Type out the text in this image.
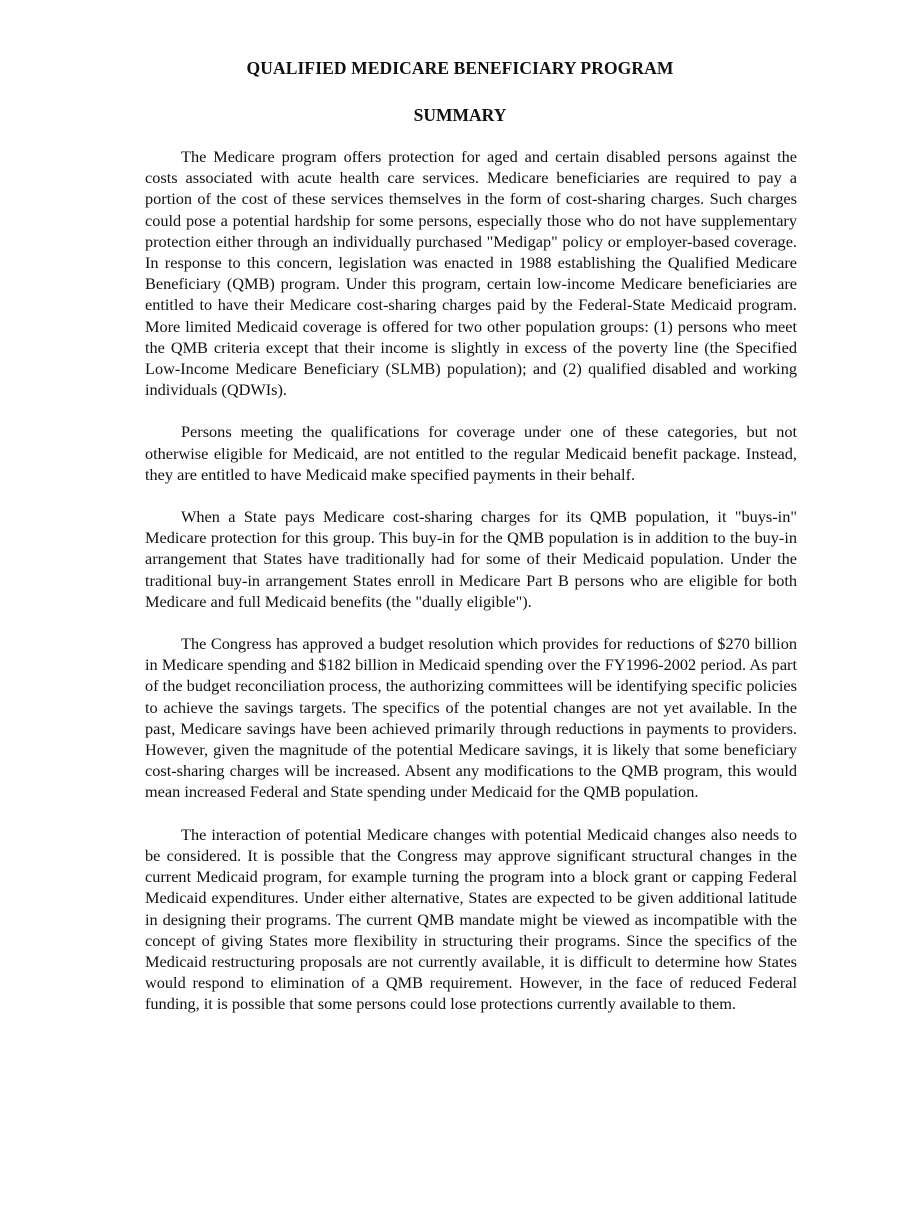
QUALIFIED MEDICARE BENEFICIARY PROGRAM
SUMMARY

The Medicare program offers protection for aged and certain disabled persons against the costs associated with acute health care services. Medicare beneficiaries are required to pay a portion of the cost of these services themselves in the form of cost-sharing charges. Such charges could pose a potential hardship for some persons, especially those who do not have supplementary protection either through an individually purchased "Medigap" policy or employer-based coverage. In response to this concern, legislation was enacted in 1988 establishing the Qualified Medicare Beneficiary (QMB) program. Under this program, certain low-income Medicare beneficiaries are entitled to have their Medicare cost-sharing charges paid by the Federal-State Medicaid program. More limited Medicaid coverage is offered for two other population groups: (1) persons who meet the QMB criteria except that their income is slightly in excess of the poverty line (the Specified Low-Income Medicare Beneficiary (SLMB) population); and (2) qualified disabled and working individuals (QDWIs).

Persons meeting the qualifications for coverage under one of these categories, but not otherwise eligible for Medicaid, are not entitled to the regular Medicaid benefit package. Instead, they are entitled to have Medicaid make specified payments in their behalf.

When a State pays Medicare cost-sharing charges for its QMB population, it "buys-in" Medicare protection for this group. This buy-in for the QMB population is in addition to the buy-in arrangement that States have traditionally had for some of their Medicaid population. Under the traditional buy-in arrangement States enroll in Medicare Part B persons who are eligible for both Medicare and full Medicaid benefits (the "dually eligible").

The Congress has approved a budget resolution which provides for reductions of $270 billion in Medicare spending and $182 billion in Medicaid spending over the FY1996-2002 period. As part of the budget reconciliation process, the authorizing committees will be identifying specific policies to achieve the savings targets. The specifics of the potential changes are not yet available. In the past, Medicare savings have been achieved primarily through reductions in payments to providers. However, given the magnitude of the potential Medicare savings, it is likely that some beneficiary cost-sharing charges will be increased. Absent any modifications to the QMB program, this would mean increased Federal and State spending under Medicaid for the QMB population.

The interaction of potential Medicare changes with potential Medicaid changes also needs to be considered. It is possible that the Congress may approve significant structural changes in the current Medicaid program, for example turning the program into a block grant or capping Federal Medicaid expenditures. Under either alternative, States are expected to be given additional latitude in designing their programs. The current QMB mandate might be viewed as incompatible with the concept of giving States more flexibility in structuring their programs. Since the specifics of the Medicaid restructuring proposals are not currently available, it is difficult to determine how States would respond to elimination of a QMB requirement. However, in the face of reduced Federal funding, it is possible that some persons could lose protections currently available to them.
